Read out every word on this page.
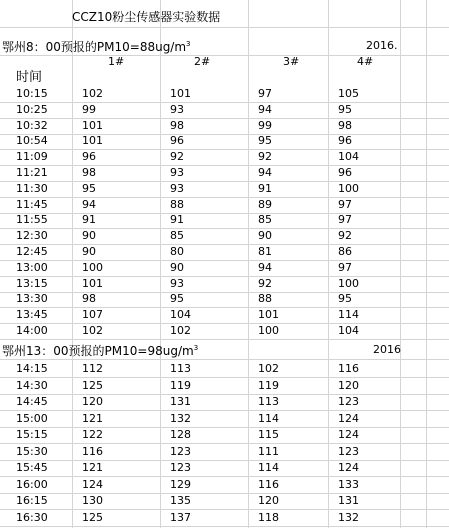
CCZ10粉尘传感器实验数据
鄂州8：00预报的$PM10=88ug/m^3$	2016.
1#	2#	3#	4#
时间
10:15	102	101	97	105
10:25	99	93	94	95
10:32	101	98	99	98
10:54	101	96	95	96
11:09	96	92	92	104
11:21	98	93	94	96
11:30	95	93	91	100
11:45	94	88	89	97
11:55	91	91	85	97
12:30	90	85	90	92
12:45	90	80	81	86
13:00	100	90	94	97
13:15	101	93	92	100
13:30	98	95	88	95
13:45	107	104	101	114
14:00	102	102	100	104
鄂州13：00预报的$PM10=98ug/m^3$	2016
14:15	112	113	102	116
14:30	125	119	119	120
14:45	120	131	113	123
15:00	121	132	114	124
15:15	122	128	115	124
15:30	116	123	111	123
15:45	121	123	114	124
16:00	124	129	116	133
16:15	130	135	120	131
16:30	125	137	118	132
